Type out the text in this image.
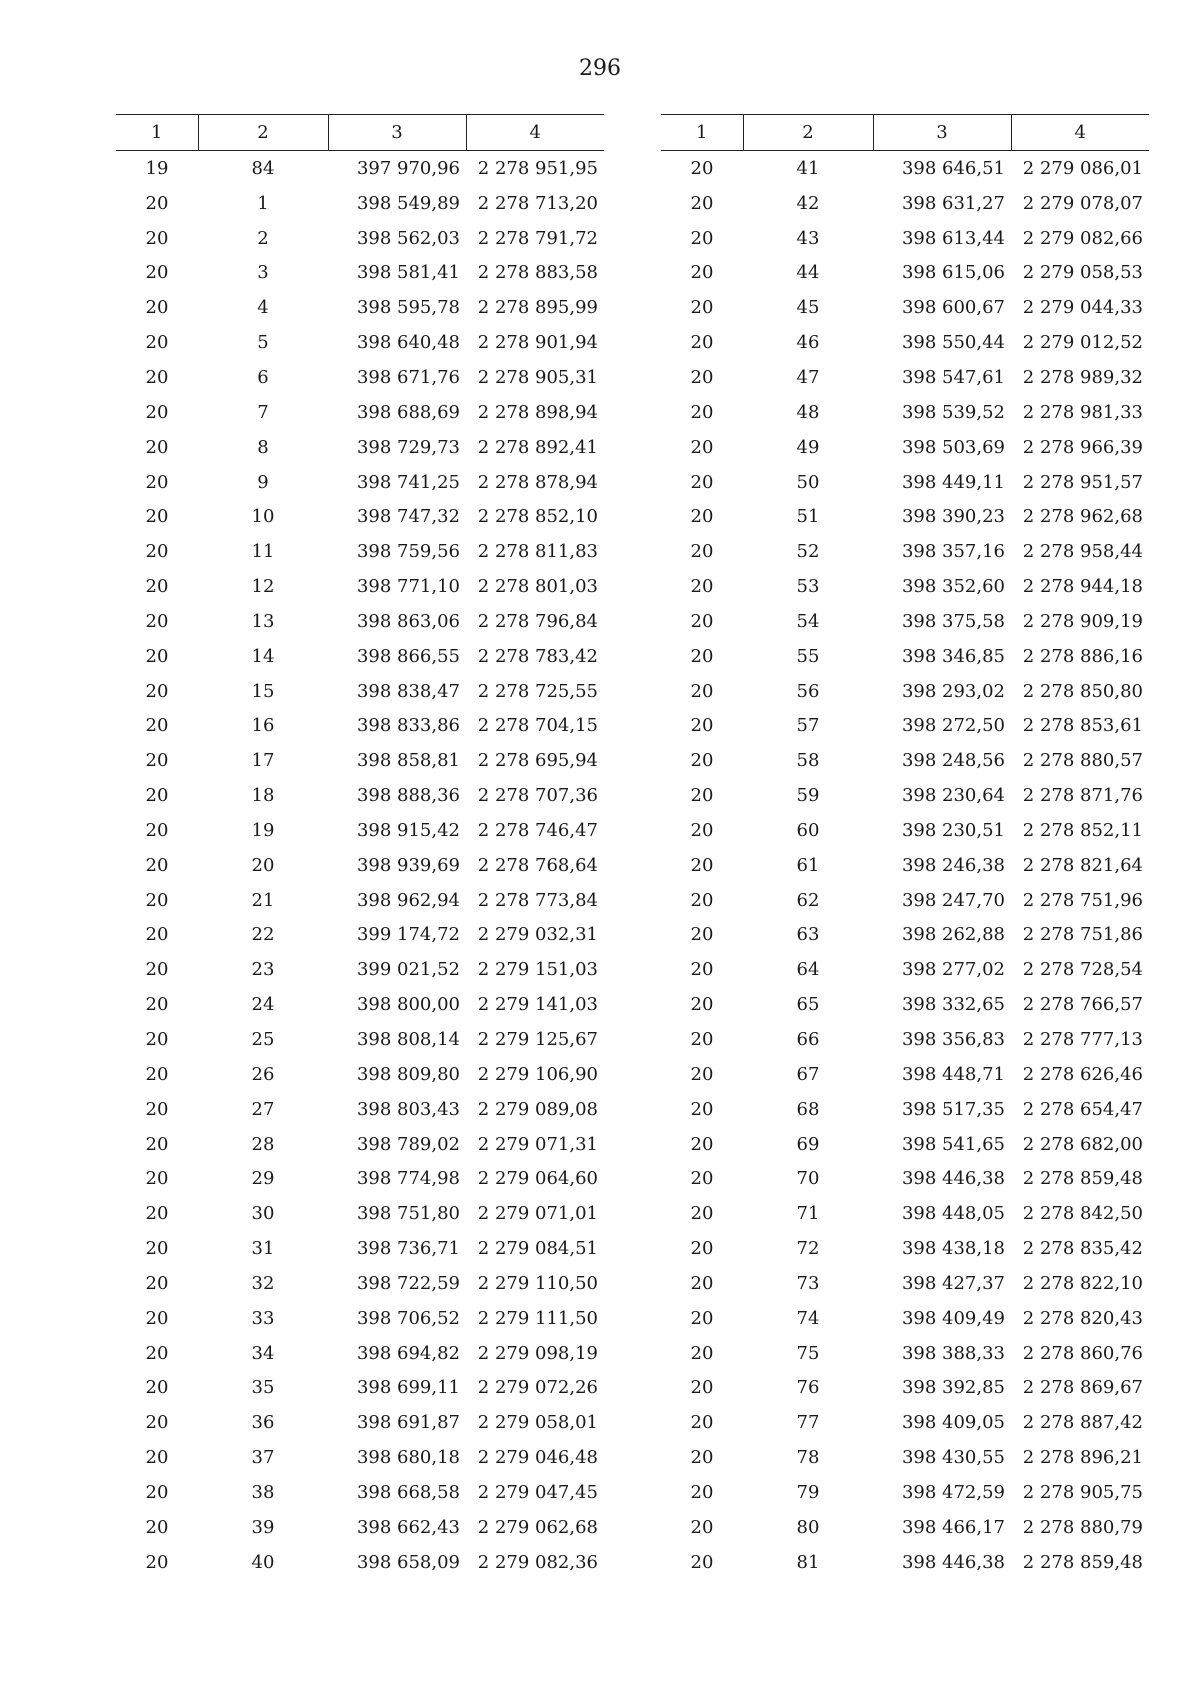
296
1	2	3	4
19	84	397 970,96	2 278 951,95
20	1	398 549,89	2 278 713,20
20	2	398 562,03	2 278 791,72
20	3	398 581,41	2 278 883,58
20	4	398 595,78	2 278 895,99
20	5	398 640,48	2 278 901,94
20	6	398 671,76	2 278 905,31
20	7	398 688,69	2 278 898,94
20	8	398 729,73	2 278 892,41
20	9	398 741,25	2 278 878,94
20	10	398 747,32	2 278 852,10
20	11	398 759,56	2 278 811,83
20	12	398 771,10	2 278 801,03
20	13	398 863,06	2 278 796,84
20	14	398 866,55	2 278 783,42
20	15	398 838,47	2 278 725,55
20	16	398 833,86	2 278 704,15
20	17	398 858,81	2 278 695,94
20	18	398 888,36	2 278 707,36
20	19	398 915,42	2 278 746,47
20	20	398 939,69	2 278 768,64
20	21	398 962,94	2 278 773,84
20	22	399 174,72	2 279 032,31
20	23	399 021,52	2 279 151,03
20	24	398 800,00	2 279 141,03
20	25	398 808,14	2 279 125,67
20	26	398 809,80	2 279 106,90
20	27	398 803,43	2 279 089,08
20	28	398 789,02	2 279 071,31
20	29	398 774,98	2 279 064,60
20	30	398 751,80	2 279 071,01
20	31	398 736,71	2 279 084,51
20	32	398 722,59	2 279 110,50
20	33	398 706,52	2 279 111,50
20	34	398 694,82	2 279 098,19
20	35	398 699,11	2 279 072,26
20	36	398 691,87	2 279 058,01
20	37	398 680,18	2 279 046,48
20	38	398 668,58	2 279 047,45
20	39	398 662,43	2 279 062,68
20	40	398 658,09	2 279 082,36
1	2	3	4
20	41	398 646,51	2 279 086,01
20	42	398 631,27	2 279 078,07
20	43	398 613,44	2 279 082,66
20	44	398 615,06	2 279 058,53
20	45	398 600,67	2 279 044,33
20	46	398 550,44	2 279 012,52
20	47	398 547,61	2 278 989,32
20	48	398 539,52	2 278 981,33
20	49	398 503,69	2 278 966,39
20	50	398 449,11	2 278 951,57
20	51	398 390,23	2 278 962,68
20	52	398 357,16	2 278 958,44
20	53	398 352,60	2 278 944,18
20	54	398 375,58	2 278 909,19
20	55	398 346,85	2 278 886,16
20	56	398 293,02	2 278 850,80
20	57	398 272,50	2 278 853,61
20	58	398 248,56	2 278 880,57
20	59	398 230,64	2 278 871,76
20	60	398 230,51	2 278 852,11
20	61	398 246,38	2 278 821,64
20	62	398 247,70	2 278 751,96
20	63	398 262,88	2 278 751,86
20	64	398 277,02	2 278 728,54
20	65	398 332,65	2 278 766,57
20	66	398 356,83	2 278 777,13
20	67	398 448,71	2 278 626,46
20	68	398 517,35	2 278 654,47
20	69	398 541,65	2 278 682,00
20	70	398 446,38	2 278 859,48
20	71	398 448,05	2 278 842,50
20	72	398 438,18	2 278 835,42
20	73	398 427,37	2 278 822,10
20	74	398 409,49	2 278 820,43
20	75	398 388,33	2 278 860,76
20	76	398 392,85	2 278 869,67
20	77	398 409,05	2 278 887,42
20	78	398 430,55	2 278 896,21
20	79	398 472,59	2 278 905,75
20	80	398 466,17	2 278 880,79
20	81	398 446,38	2 278 859,48
